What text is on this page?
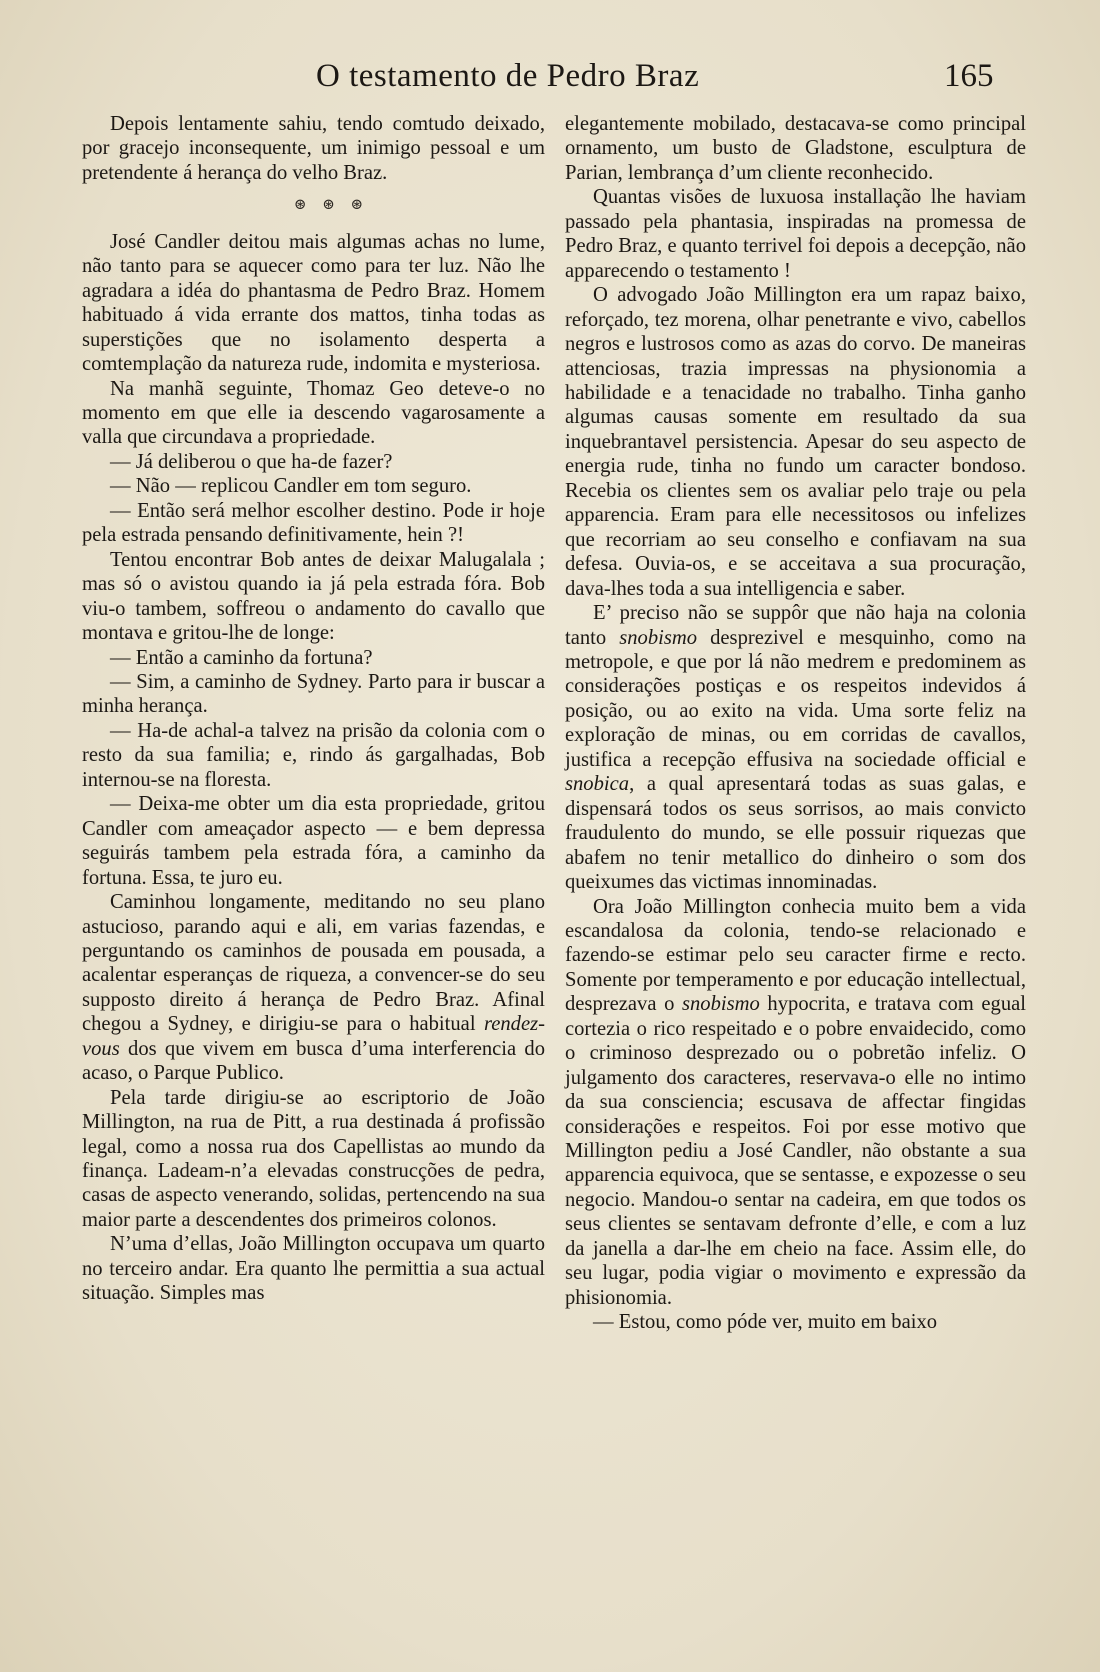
O testamento de Pedro Braz	165

Depois lentamente sahiu, tendo comtudo deixado, por gracejo inconsequente, um inimigo pessoal e um pretendente á herança do velho Braz.

⊛ ⊛ ⊛

José Candler deitou mais algumas achas no lume, não tanto para se aquecer como para ter luz. Não lhe agradara a idéa do phantasma de Pedro Braz. Homem habituado á vida errante dos mattos, tinha todas as superstições que no isolamento desperta a comtemplação da natureza rude, indomita e mysteriosa.

Na manhã seguinte, Thomaz Geo deteve-o no momento em que elle ia descendo vagarosamente a valla que circundava a propriedade.

— Já deliberou o que ha-de fazer?

— Não — replicou Candler em tom seguro.

— Então será melhor escolher destino. Pode ir hoje pela estrada pensando definitivamente, hein ?!

Tentou encontrar Bob antes de deixar Malugalala ; mas só o avistou quando ia já pela estrada fóra. Bob viu-o tambem, soffreou o andamento do cavallo que montava e gritou-lhe de longe:

— Então a caminho da fortuna?

— Sim, a caminho de Sydney. Parto para ir buscar a minha herança.

— Ha-de achal-a talvez na prisão da colonia com o resto da sua familia; e, rindo ás gargalhadas, Bob internou-se na floresta.

— Deixa-me obter um dia esta propriedade, gritou Candler com ameaçador aspecto — e bem depressa seguirás tambem pela estrada fóra, a caminho da fortuna. Essa, te juro eu.

Caminhou longamente, meditando no seu plano astucioso, parando aqui e ali, em varias fazendas, e perguntando os caminhos de pousada em pousada, a acalentar esperanças de riqueza, a convencer-se do seu supposto direito á herança de Pedro Braz. Afinal chegou a Sydney, e dirigiu-se para o habitual rendez-vous dos que vivem em busca d’uma interferencia do acaso, o Parque Publico.

Pela tarde dirigiu-se ao escriptorio de João Millington, na rua de Pitt, a rua destinada á profissão legal, como a nossa rua dos Capellistas ao mundo da finança. Ladeam-n’a elevadas construcções de pedra, casas de aspecto venerando, solidas, pertencendo na sua maior parte a descendentes dos primeiros colonos.

N’uma d’ellas, João Millington occupava um quarto no terceiro andar. Era quanto lhe permittia a sua actual situação. Simples mas

elegantemente mobilado, destacava-se como principal ornamento, um busto de Gladstone, esculptura de Parian, lembrança d’um cliente reconhecido.

Quantas visões de luxuosa installação lhe haviam passado pela phantasia, inspiradas na promessa de Pedro Braz, e quanto terrivel foi depois a decepção, não apparecendo o testamento !

O advogado João Millington era um rapaz baixo, reforçado, tez morena, olhar penetrante e vivo, cabellos negros e lustrosos como as azas do corvo. De maneiras attenciosas, trazia impressas na physionomia a habilidade e a tenacidade no trabalho. Tinha ganho algumas causas somente em resultado da sua inquebrantavel persistencia. Apesar do seu aspecto de energia rude, tinha no fundo um caracter bondoso. Recebia os clientes sem os avaliar pelo traje ou pela apparencia. Eram para elle necessitosos ou infelizes que recorriam ao seu conselho e confiavam na sua defesa. Ouvia-os, e se acceitava a sua procuração, dava-lhes toda a sua intelligencia e saber.

E’ preciso não se suppôr que não haja na colonia tanto snobismo desprezivel e mesquinho, como na metropole, e que por lá não medrem e predominem as considerações postiças e os respeitos indevidos á posição, ou ao exito na vida. Uma sorte feliz na exploração de minas, ou em corridas de cavallos, justifica a recepção effusiva na sociedade official e snobica, a qual apresentará todas as suas galas, e dispensará todos os seus sorrisos, ao mais convicto fraudulento do mundo, se elle possuir riquezas que abafem no tenir metallico do dinheiro o som dos queixumes das victimas innominadas.

Ora João Millington conhecia muito bem a vida escandalosa da colonia, tendo-se relacionado e fazendo-se estimar pelo seu caracter firme e recto. Somente por temperamento e por educação intellectual, desprezava o snobismo hypocrita, e tratava com egual cortezia o rico respeitado e o pobre envaidecido, como o criminoso desprezado ou o pobretão infeliz. O julgamento dos caracteres, reservava-o elle no intimo da sua consciencia; escusava de affectar fingidas considerações e respeitos. Foi por esse motivo que Millington pediu a José Candler, não obstante a sua apparencia equivoca, que se sentasse, e expozesse o seu negocio. Mandou-o sentar na cadeira, em que todos os seus clientes se sentavam defronte d’elle, e com a luz da janella a dar-lhe em cheio na face. Assim elle, do seu lugar, podia vigiar o movimento e expressão da phisionomia.

— Estou, como póde ver, muito em baixo
